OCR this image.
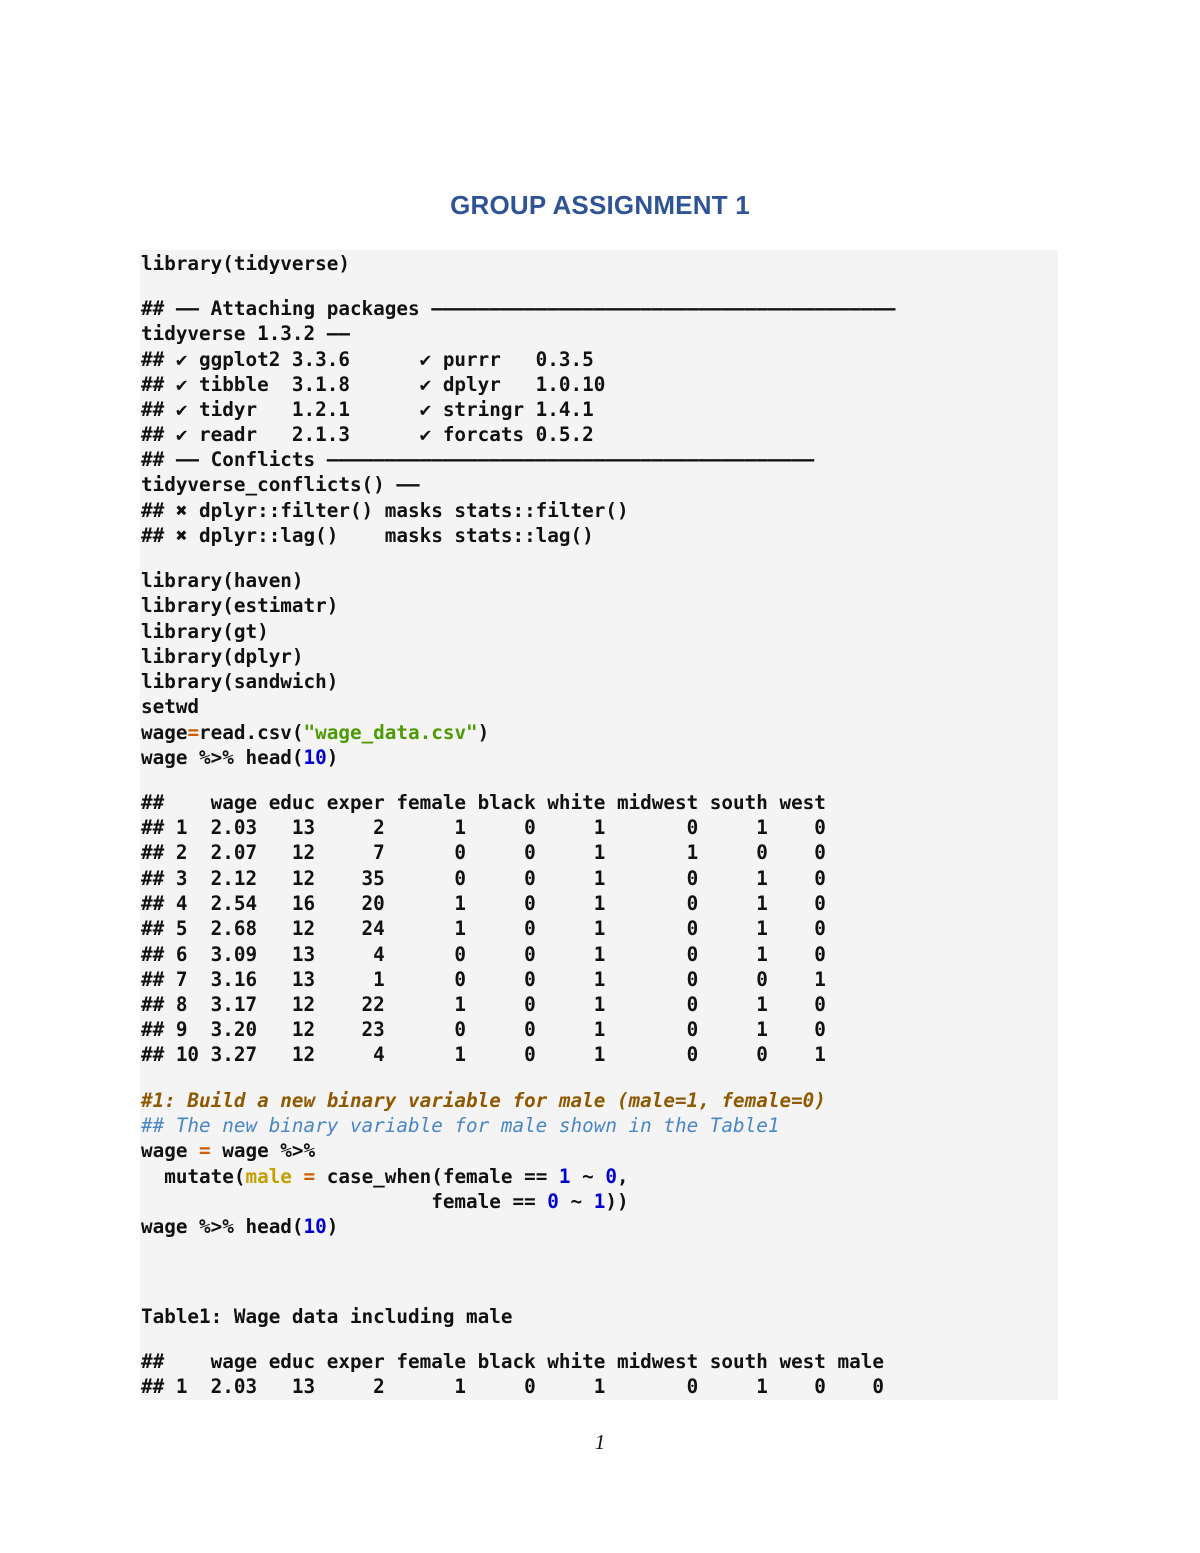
GROUP ASSIGNMENT 1
library(tidyverse)
## —— Attaching packages ————————————————————————————————————————
tidyverse 1.3.2 ——
## ✔ ggplot2 3.3.6      ✔ purrr   0.3.5
## ✔ tibble  3.1.8      ✔ dplyr   1.0.10
## ✔ tidyr   1.2.1      ✔ stringr 1.4.1
## ✔ readr   2.1.3      ✔ forcats 0.5.2
## —— Conflicts ——————————————————————————————————————————
tidyverse_conflicts() ——
## ✖ dplyr::filter() masks stats::filter()
## ✖ dplyr::lag()    masks stats::lag()
library(haven)
library(estimatr)
library(gt)
library(dplyr)
library(sandwich)
setwd
wage=read.csv("wage_data.csv")
wage %>% head(10)
##    wage educ exper female black white midwest south west
## 1  2.03   13     2      1     0     1       0     1    0
## 2  2.07   12     7      0     0     1       1     0    0
## 3  2.12   12    35      0     0     1       0     1    0
## 4  2.54   16    20      1     0     1       0     1    0
## 5  2.68   12    24      1     0     1       0     1    0
## 6  3.09   13     4      0     0     1       0     1    0
## 7  3.16   13     1      0     0     1       0     0    1
## 8  3.17   12    22      1     0     1       0     1    0
## 9  3.20   12    23      0     0     1       0     1    0
## 10 3.27   12     4      1     0     1       0     0    1
#1: Build a new binary variable for male (male=1, female=0)
## The new binary variable for male shown in the Table1
wage = wage %>%
mutate(male = case_when(female == 1 ~ 0,
female == 0 ~ 1))
wage %>% head(10)
Table1: Wage data including male
##    wage educ exper female black white midwest south west male
## 1  2.03   13     2      1     0     1       0     1    0    0
1
